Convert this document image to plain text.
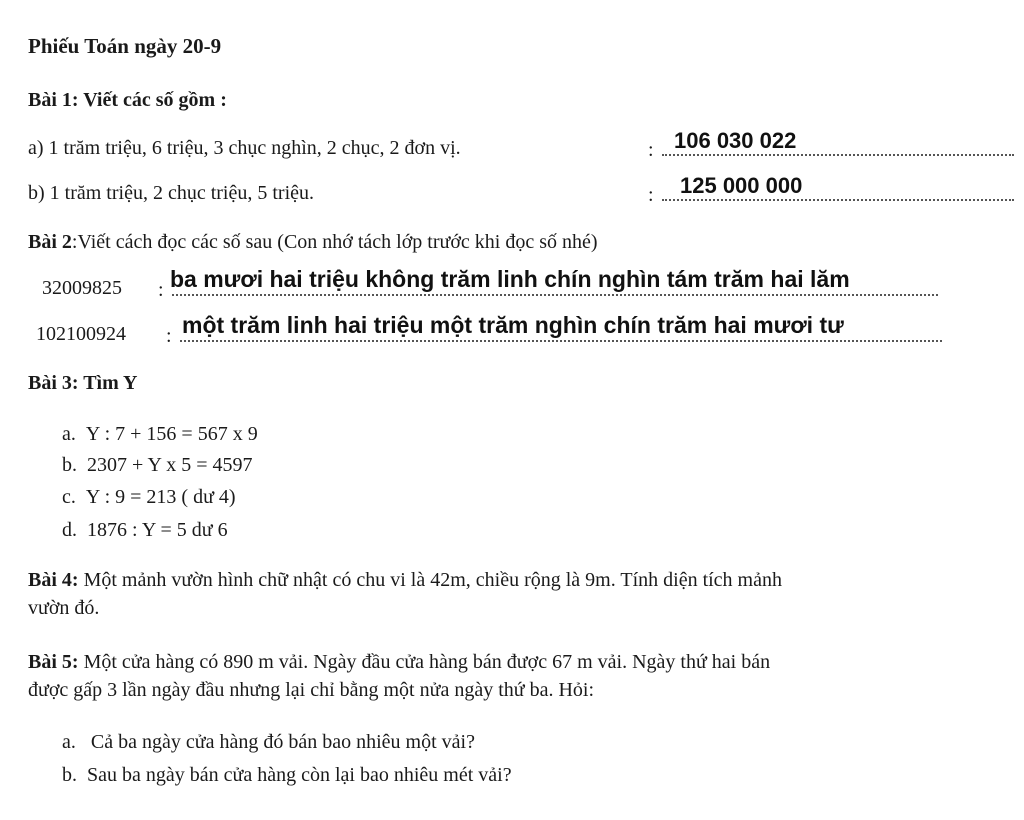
Phiếu Toán ngày 20-9
Bài 1: Viết các số gồm :
a) 1 trăm triệu, 6 triệu, 3 chục nghìn, 2 chục, 2 đơn vị.	: 106 030 022
b) 1 trăm triệu, 2 chục triệu, 5 triệu.	: 125 000 000
Bài 2:Viết cách đọc các số sau (Con nhớ tách lớp trước khi đọc số nhé)
32009825 : ba mươi hai triệu không trăm linh chín nghìn tám trăm hai lăm
102100924 : một trăm linh hai triệu một trăm nghìn chín trăm hai mươi tư
Bài 3: Tìm Y
a. Y : 7 + 156 = 567 x 9
b. 2307 + Y x 5 = 4597
c. Y : 9 = 213 ( dư 4)
d. 1876 : Y = 5 dư 6
Bài 4: Một mảnh vườn hình chữ nhật có chu vi là 42m, chiều rộng là 9m. Tính diện tích mảnh
vườn đó.
Bài 5: Một cửa hàng có 890 m vải. Ngày đầu cửa hàng bán được 67 m vải. Ngày thứ hai bán
được gấp 3 lần ngày đầu nhưng lại chỉ bằng một nửa ngày thứ ba. Hỏi:
a. Cả ba ngày cửa hàng đó bán bao nhiêu một vải?
b. Sau ba ngày bán cửa hàng còn lại bao nhiêu mét vải?
